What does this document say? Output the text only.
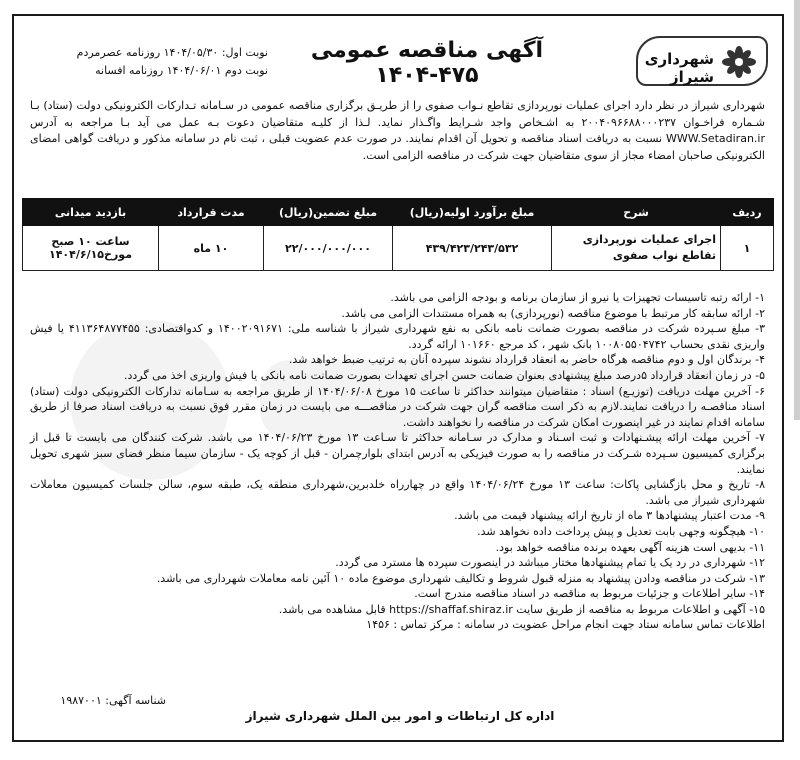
شهرداری شیراز
آگهی مناقصه عمومی ۴۷۵-۱۴۰۴
نوبت اول: ۱۴۰۴/۰۵/۳۰ روزنامه عصرمردم
نوبت دوم ۱۴۰۴/۰۶/۰۱ روزنامه افسانه
شهرداری شیراز در نظر دارد اجرای عملیات نورپردازی تقاطع نـواب صفوی را از طریـق برگزاری مناقصه عمومی در سـامانه تـدارکات الکترونیکی دولت (ستاد) بـا شـماره فراخـوان ۲۰۰۴۰۹۶۶۸۸۰۰۰۲۳۷ به اشـخاص واجد شـرایط واگـذار نماید. لـذا از کلیـه متقاضیان دعوت بـه عمل می آید بـا مراجعه به آدرس WWW.Setadiran.ir نسبت به دریافت اسناد مناقصه و تحویل آن اقدام نمایند. در صورت عدم عضویت قبلی ، ثبت نام در سامانه مذکور و دریافت گواهی امضای الکترونیکی صاحبان امضاء مجاز از سوی متقاضیان جهت شرکت در مناقصه الزامی است.
ردیف	شرح	مبلغ برآورد اولیه(ریال)	مبلغ تضمین(ریال)	مدت قرارداد	بازدید میدانی
۱	اجرای عملیات نورپردازی تقاطع نواب صفوی	۴۳۹/۴۲۳/۲۴۳/۵۳۲	۲۲/۰۰۰/۰۰۰/۰۰۰	۱۰ ماه	ساعت ۱۰ صبح مورخ۱۴۰۴/۶/۱۵

۱- ارائه رتبه تاسیسات تجهیزات یا نیرو از سازمان برنامه و بودجه الزامی می باشد.

۲- ارائه سابقه کار مرتبط با موضوع مناقصه (نورپردازی) به همراه مستندات الزامی می باشد.

۳- مبلغ سـپرده شرکت در مناقصه بصورت ضمانت نامه بانکی به نفع شهرداری شیراز با شناسه ملی: ۱۴۰۰۲۰۹۱۶۷۱ و کدواقتصادی: ۴۱۱۳۶۴۸۷۷۴۵۵ یا فیش واریزی نقدی بحساب ۱۰۰۸۰۵۵۰۴۷۴۲ بانک شهر ، کد مرجع ۱۰۱۶۶۰ ارائه گردد.

۴- برندگان اول و دوم مناقصه هرگاه حاضر به انعقاد قرارداد نشوند سپرده آنان به ترتیب ضبط خواهد شد.

۵- در زمان انعقاد قرارداد ۵درصد مبلغ پیشنهادی بعنوان ضمانت حسن اجرای تعهدات بصورت ضمانت نامه بانکی یا فیش واریزی اخذ می گردد.

۶- آخرین مهلت دریافت (توزیـع) اسناد : متقاضیان میتوانند حداکثر تا ساعت ۱۵ مورخ ۱۴۰۴/۰۶/۰۸ از طریق مراجعه به سـامانه تدارکات الکترونیکی دولت (ستاد) اسناد مناقصـه را دریافت نمایند.لازم به ذکر است مناقصه گران جهت شرکت در مناقصـــه می بایست در زمان مقرر فوق نسبت به دریافت اسناد صرفا از طریق سامانه اقدام نمایند در غیر اینصورت امکان شرکت در مناقصه را نخواهند داشت.

۷- آخرین مهلت ارائه پیشـنهادات و ثبت اسـناد و مدارک در سـامانه حداکثر تا سـاعت ۱۳ مورخ ۱۴۰۴/۰۶/۲۳ می باشد. شرکت کنندگان می بایست تا قبل از برگزاری کمیسیون سـپرده شـرکت در مناقصه را به صورت فیزیکی به آدرس ابتدای بلوارچمران - قبل از کوچه یک - سازمان سیما منظر فضای سبز شهری تحویل نمایند.

۸- تاریخ و محل بازگشایی پاکات: ساعت ۱۳ مورخ ۱۴۰۴/۰۶/۲۴ واقع در چهارراه خلدبرین،شهرداری منطقه یک، طبقه سوم، سالن جلسات کمیسیون معاملات شهرداری شیراز می باشد.

۹- مدت اعتبار پیشنهادها ۳ ماه از تاریخ ارائه پیشنهاد قیمت می باشد.

۱۰- هیچگونه وجهی بابت تعدیل و پیش پرداخت داده نخواهد شد.

۱۱- بدیهی است هزینه آگهی بعهده برنده مناقصه خواهد بود.

۱۲- شهرداری در رد یک یا تمام پیشنهادها مختار میباشد در اینصورت سپرده ها مسترد می گردد.

۱۳- شرکت در مناقصه ودادن پیشنهاد به منزله قبول شروط و تکالیف شهرداری موضوع ماده ۱۰ آئین نامه معاملات شهرداری می باشد.

۱۴- سایر اطلاعات و جزئیات مربوط به مناقصه در اسناد مناقصه مندرج است.

۱۵- آگهی و اطلاعات مربوط به مناقصه از طریق سایت https://shaffaf.shiraz.ir قابل مشاهده می باشد.

اطلاعات تماس سامانه ستاد جهت انجام مراحل عضویت در سامانه : مرکز تماس : ۱۴۵۶

شناسه آگهی: ۱۹۸۷۰۰۱
اداره کل ارتباطات و امور بین الملل شهرداری شیراز
